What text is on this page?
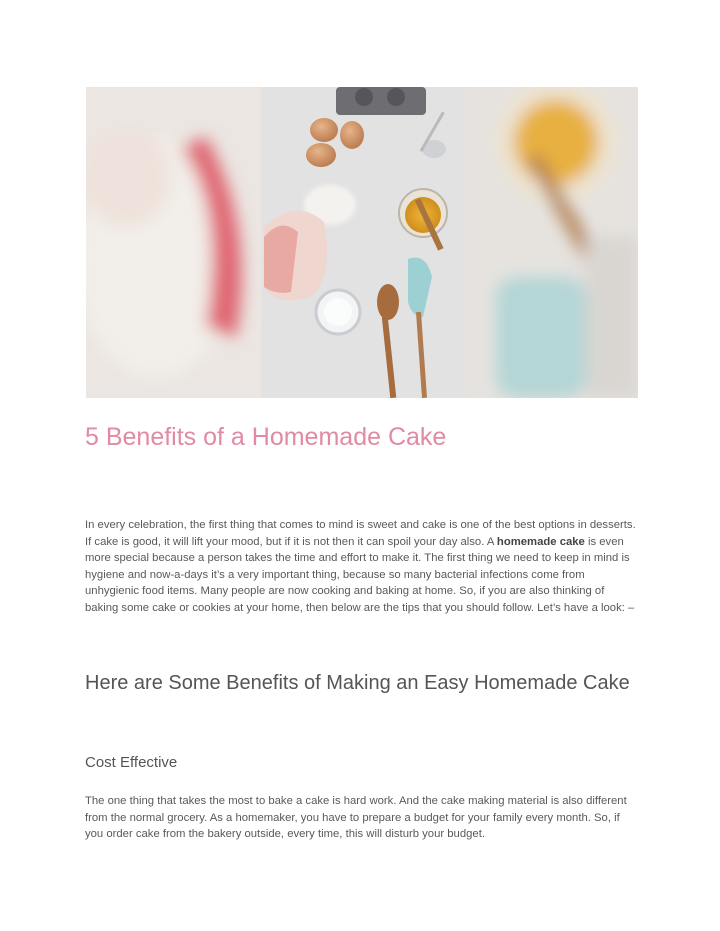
5 Benefits of a Homemade Cake

In every celebration, the first thing that comes to mind is sweet and cake is one of the best options in desserts. If cake is good, it will lift your mood, but if it is not then it can spoil your day also. A homemade cake is even more special because a person takes the time and effort to make it. The first thing we need to keep in mind is hygiene and now-a-days it’s a very important thing, because so many bacterial infections come from unhygienic food items. Many people are now cooking and baking at home. So, if you are also thinking of baking some cake or cookies at your home, then below are the tips that you should follow. Let’s have a look: –

Here are Some Benefits of Making an Easy Homemade Cake
Cost Effective

The one thing that takes the most to bake a cake is hard work. And the cake making material is also different from the normal grocery. As a homemaker, you have to prepare a budget for your family every month. So, if you order cake from the bakery outside, every time, this will disturb your budget.
